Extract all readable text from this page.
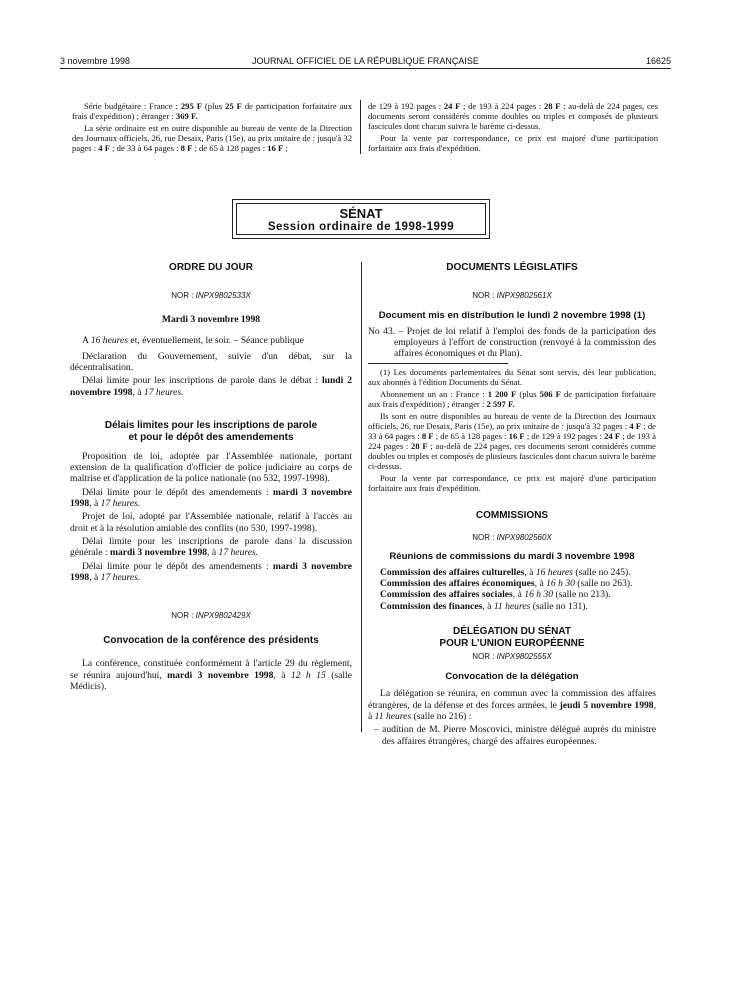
3 novembre 1998	JOURNAL OFFICIEL DE LA RÉPUBLIQUE FRANÇAISE	16625

Série budgétaire : France : 295 F (plus 25 F de participation forfaitaire aux frais d'expédition) ; étranger : 369 F.

La série ordinaire est en outre disponible au bureau de vente de la Direction des Journaux officiels, 26, rue Desaix, Paris (15e), au prix unitaire de : jusqu'à 32 pages : 4 F ; de 33 à 64 pages : 8 F ; de 65 à 128 pages : 16 F ;

de 129 à 192 pages : 24 F ; de 193 à 224 pages : 28 F ; au-delà de 224 pages, ces documents seront considérés comme doubles ou triples et composés de plusieurs fascicules dont chacun suivra le barème ci-dessus.

Pour la vente par correspondance, ce prix est majoré d'une participation forfaitaire aux frais d'expédition.

SÉNAT
Session ordinaire de 1998-1999
ORDRE DU JOUR
NOR : INPX9802533X
Mardi 3 novembre 1998

A 16 heures et, éventuellement, le soir. – Séance publique

Déclaration du Gouvernement, suivie d'un débat, sur la décentralisation.

Délai limite pour les inscriptions de parole dans le débat : lundi 2 novembre 1998, à 17 heures.

Délais limites pour les inscriptions de parole
et pour le dépôt des amendements

Proposition de loi, adoptée par l'Assemblée nationale, portant extension de la qualification d'officier de police judiciaire au corps de maîtrise et d'application de la police nationale (no 532, 1997-1998).

Délai limite pour le dépôt des amendements : mardi 3 novembre 1998, à 17 heures.

Projet de loi, adopté par l'Assemblée nationale, relatif à l'accès au droit et à la résolution amiable des conflits (no 530, 1997-1998).

Délai limite pour les inscriptions de parole dans la discussion générale : mardi 3 novembre 1998, à 17 heures.

Délai limite pour le dépôt des amendements : mardi 3 novembre 1998, à 17 heures.

NOR : INPX9802429X
Convocation de la conférence des présidents

La conférence, constituée conformément à l'article 29 du règlement, se réunira aujourd'hui, mardi 3 novembre 1998, à 12 h 15 (salle Médicis).

DOCUMENTS LÉGISLATIFS
NOR : INPX9802561X
Document mis en distribution le lundi 2 novembre 1998 (1)

No 43. – Projet de loi relatif à l'emploi des fonds de la participation des employeurs à l'effort de construction (renvoyé à la commission des affaires économiques et du Plan).

(1) Les documents parlementaires du Sénat sont servis, dès leur publication, aux abonnés à l'édition Documents du Sénat.

Abonnement un an : France : 1 200 F (plus 506 F de participation forfaitaire aux frais d'expédition) ; étranger : 2 597 F.

Ils sont en outre disponibles au bureau de vente de la Direction des Journaux officiels, 26, rue Desaix, Paris (15e), au prix unitaire de : jusqu'à 32 pages : 4 F ; de 33 à 64 pages : 8 F ; de 65 à 128 pages : 16 F ; de 129 à 192 pages : 24 F ; de 193 à 224 pages : 28 F ; au-delà de 224 pages, ces documents seront considérés comme doubles ou triples et composés de plusieurs fascicules dont chacun suivra le barème ci-dessus.

Pour la vente par correspondance, ce prix est majoré d'une participation forfaitaire aux frais d'expédition.

COMMISSIONS
NOR : INPX9802560X
Réunions de commissions du mardi 3 novembre 1998
Commission des affaires culturelles, à 16 heures (salle no 245).
Commission des affaires économiques, à 16 h 30 (salle no 263).
Commission des affaires sociales, à 16 h 30 (salle no 213).
Commission des finances, à 11 heures (salle no 131).
DÉLÉGATION DU SÉNAT
POUR L'UNION EUROPÉENNE
NOR : INPX9802555X
Convocation de la délégation

La délégation se réunira, en commun avec la commission des affaires étrangères, de la défense et des forces armées, le jeudi 5 novembre 1998, à 11 heures (salle no 216) :

– audition de M. Pierre Moscovici, ministre délégué auprès du ministre des affaires étrangères, chargé des affaires européennes.
